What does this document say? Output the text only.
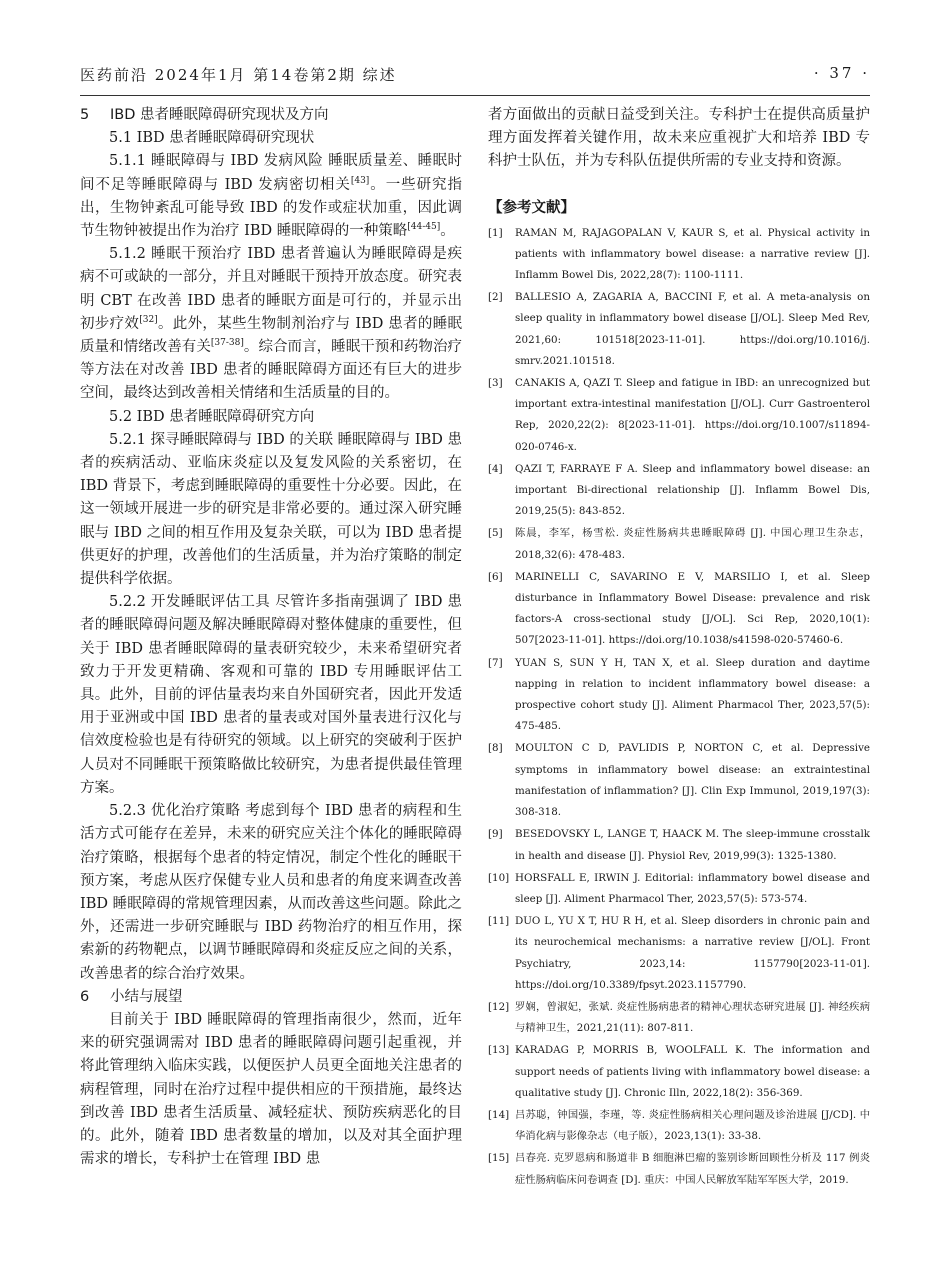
医药前沿 2024年1月 第14卷第2期 综述	· 37 ·

5 IBD 患者睡眠障碍研究现状及方向

5.1 IBD 患者睡眠障碍研究现状

5.1.1 睡眠障碍与 IBD 发病风险 睡眠质量差、睡眠时间不足等睡眠障碍与 IBD 发病密切相关[43]。一些研究指出，生物钟紊乱可能导致 IBD 的发作或症状加重，因此调节生物钟被提出作为治疗 IBD 睡眠障碍的一种策略[44-45]。

5.1.2 睡眠干预治疗 IBD 患者普遍认为睡眠障碍是疾病不可或缺的一部分，并且对睡眠干预持开放态度。研究表明 CBT 在改善 IBD 患者的睡眠方面是可行的，并显示出初步疗效[32]。此外，某些生物制剂治疗与 IBD 患者的睡眠质量和情绪改善有关[37-38]。综合而言，睡眠干预和药物治疗等方法在对改善 IBD 患者的睡眠障碍方面还有巨大的进步空间，最终达到改善相关情绪和生活质量的目的。

5.2 IBD 患者睡眠障碍研究方向

5.2.1 探寻睡眠障碍与 IBD 的关联 睡眠障碍与 IBD 患者的疾病活动、亚临床炎症以及复发风险的关系密切，在 IBD 背景下，考虑到睡眠障碍的重要性十分必要。因此，在这一领域开展进一步的研究是非常必要的。通过深入研究睡眠与 IBD 之间的相互作用及复杂关联，可以为 IBD 患者提供更好的护理，改善他们的生活质量，并为治疗策略的制定提供科学依据。

5.2.2 开发睡眠评估工具 尽管许多指南强调了 IBD 患者的睡眠障碍问题及解决睡眠障碍对整体健康的重要性，但关于 IBD 患者睡眠障碍的量表研究较少，未来希望研究者致力于开发更精确、客观和可靠的 IBD 专用睡眠评估工具。此外，目前的评估量表均来自外国研究者，因此开发适用于亚洲或中国 IBD 患者的量表或对国外量表进行汉化与信效度检验也是有待研究的领域。以上研究的突破利于医护人员对不同睡眠干预策略做比较研究，为患者提供最佳管理方案。

5.2.3 优化治疗策略 考虑到每个 IBD 患者的病程和生活方式可能存在差异，未来的研究应关注个体化的睡眠障碍治疗策略，根据每个患者的特定情况，制定个性化的睡眠干预方案，考虑从医疗保健专业人员和患者的角度来调查改善 IBD 睡眠障碍的常规管理因素，从而改善这些问题。除此之外，还需进一步研究睡眠与 IBD 药物治疗的相互作用，探索新的药物靶点，以调节睡眠障碍和炎症反应之间的关系，改善患者的综合治疗效果。

6 小结与展望

目前关于 IBD 睡眠障碍的管理指南很少，然而，近年来的研究强调需对 IBD 患者的睡眠障碍问题引起重视，并将此管理纳入临床实践，以便医护人员更全面地关注患者的病程管理，同时在治疗过程中提供相应的干预措施，最终达到改善 IBD 患者生活质量、减轻症状、预防疾病恶化的目的。此外，随着 IBD 患者数量的增加，以及对其全面护理需求的增长，专科护士在管理 IBD 患

者方面做出的贡献日益受到关注。专科护士在提供高质量护理方面发挥着关键作用，故未来应重视扩大和培养 IBD 专科护士队伍，并为专科队伍提供所需的专业支持和资源。

【参考文献】
[1]	RAMAN M, RAJAGOPALAN V, KAUR S, et al. Physical activity in patients with inflammatory bowel disease: a narrative review [J]. Inflamm Bowel Dis, 2022,28(7): 1100-1111.
[2]	BALLESIO A, ZAGARIA A, BACCINI F, et al. A meta-analysis on sleep quality in inflammatory bowel disease [J/OL]. Sleep Med Rev, 2021,60: 101518[2023-11-01]. https://doi.org/10.1016/j. smrv.2021.101518.
[3]	CANAKIS A, QAZI T. Sleep and fatigue in IBD: an unrecognized but important extra-intestinal manifestation [J/OL]. Curr Gastroenterol Rep, 2020,22(2): 8[2023-11-01]. https://doi.org/10.1007/s11894-020-0746-x.
[4]	QAZI T, FARRAYE F A. Sleep and inflammatory bowel disease: an important Bi-directional relationship [J]. Inflamm Bowel Dis, 2019,25(5): 843-852.
[5]	陈晨，李军，杨雪松. 炎症性肠病共患睡眠障碍 [J]. 中国心理卫生杂志，2018,32(6): 478-483.
[6]	MARINELLI C, SAVARINO E V, MARSILIO I, et al. Sleep disturbance in Inflammatory Bowel Disease: prevalence and risk factors-A cross-sectional study [J/OL]. Sci Rep, 2020,10(1): 507[2023-11-01]. https://doi.org/10.1038/s41598-020-57460-6.
[7]	YUAN S, SUN Y H, TAN X, et al. Sleep duration and daytime napping in relation to incident inflammatory bowel disease: a prospective cohort study [J]. Aliment Pharmacol Ther, 2023,57(5): 475-485.
[8]	MOULTON C D, PAVLIDIS P, NORTON C, et al. Depressive symptoms in inflammatory bowel disease: an extraintestinal manifestation of inflammation? [J]. Clin Exp Immunol, 2019,197(3): 308-318.
[9]	BESEDOVSKY L, LANGE T, HAACK M. The sleep-immune crosstalk in health and disease [J]. Physiol Rev, 2019,99(3): 1325-1380.
[10] HORSFALL E, IRWIN J. Editorial: inflammatory bowel disease and sleep [J]. Aliment Pharmacol Ther, 2023,57(5): 573-574.
[11] DUO L, YU X T, HU R H, et al. Sleep disorders in chronic pain and its neurochemical mechanisms: a narrative review [J/OL]. Front Psychiatry, 2023,14: 1157790[2023-11-01]. https://doi.org/10.3389/fpsyt.2023.1157790.
[12] 罗娴，曾淑妃，张斌. 炎症性肠病患者的精神心理状态研究进展 [J]. 神经疾病与精神卫生，2021,21(11): 807-811.
[13] KARADAG P, MORRIS B, WOOLFALL K. The information and support needs of patients living with inflammatory bowel disease: a qualitative study [J]. Chronic Illn, 2022,18(2): 356-369.
[14] 吕苏聪，钟国强，李瑾，等. 炎症性肠病相关心理问题及诊治进展 [J/CD]. 中华消化病与影像杂志（电子版），2023,13(1): 33-38.
[15] 吕春亮. 克罗恩病和肠道非 B 细胞淋巴瘤的鉴别诊断回顾性分析及 117 例炎症性肠病临床问卷调查 [D]. 重庆：中国人民解放军陆军军医大学，2019.
